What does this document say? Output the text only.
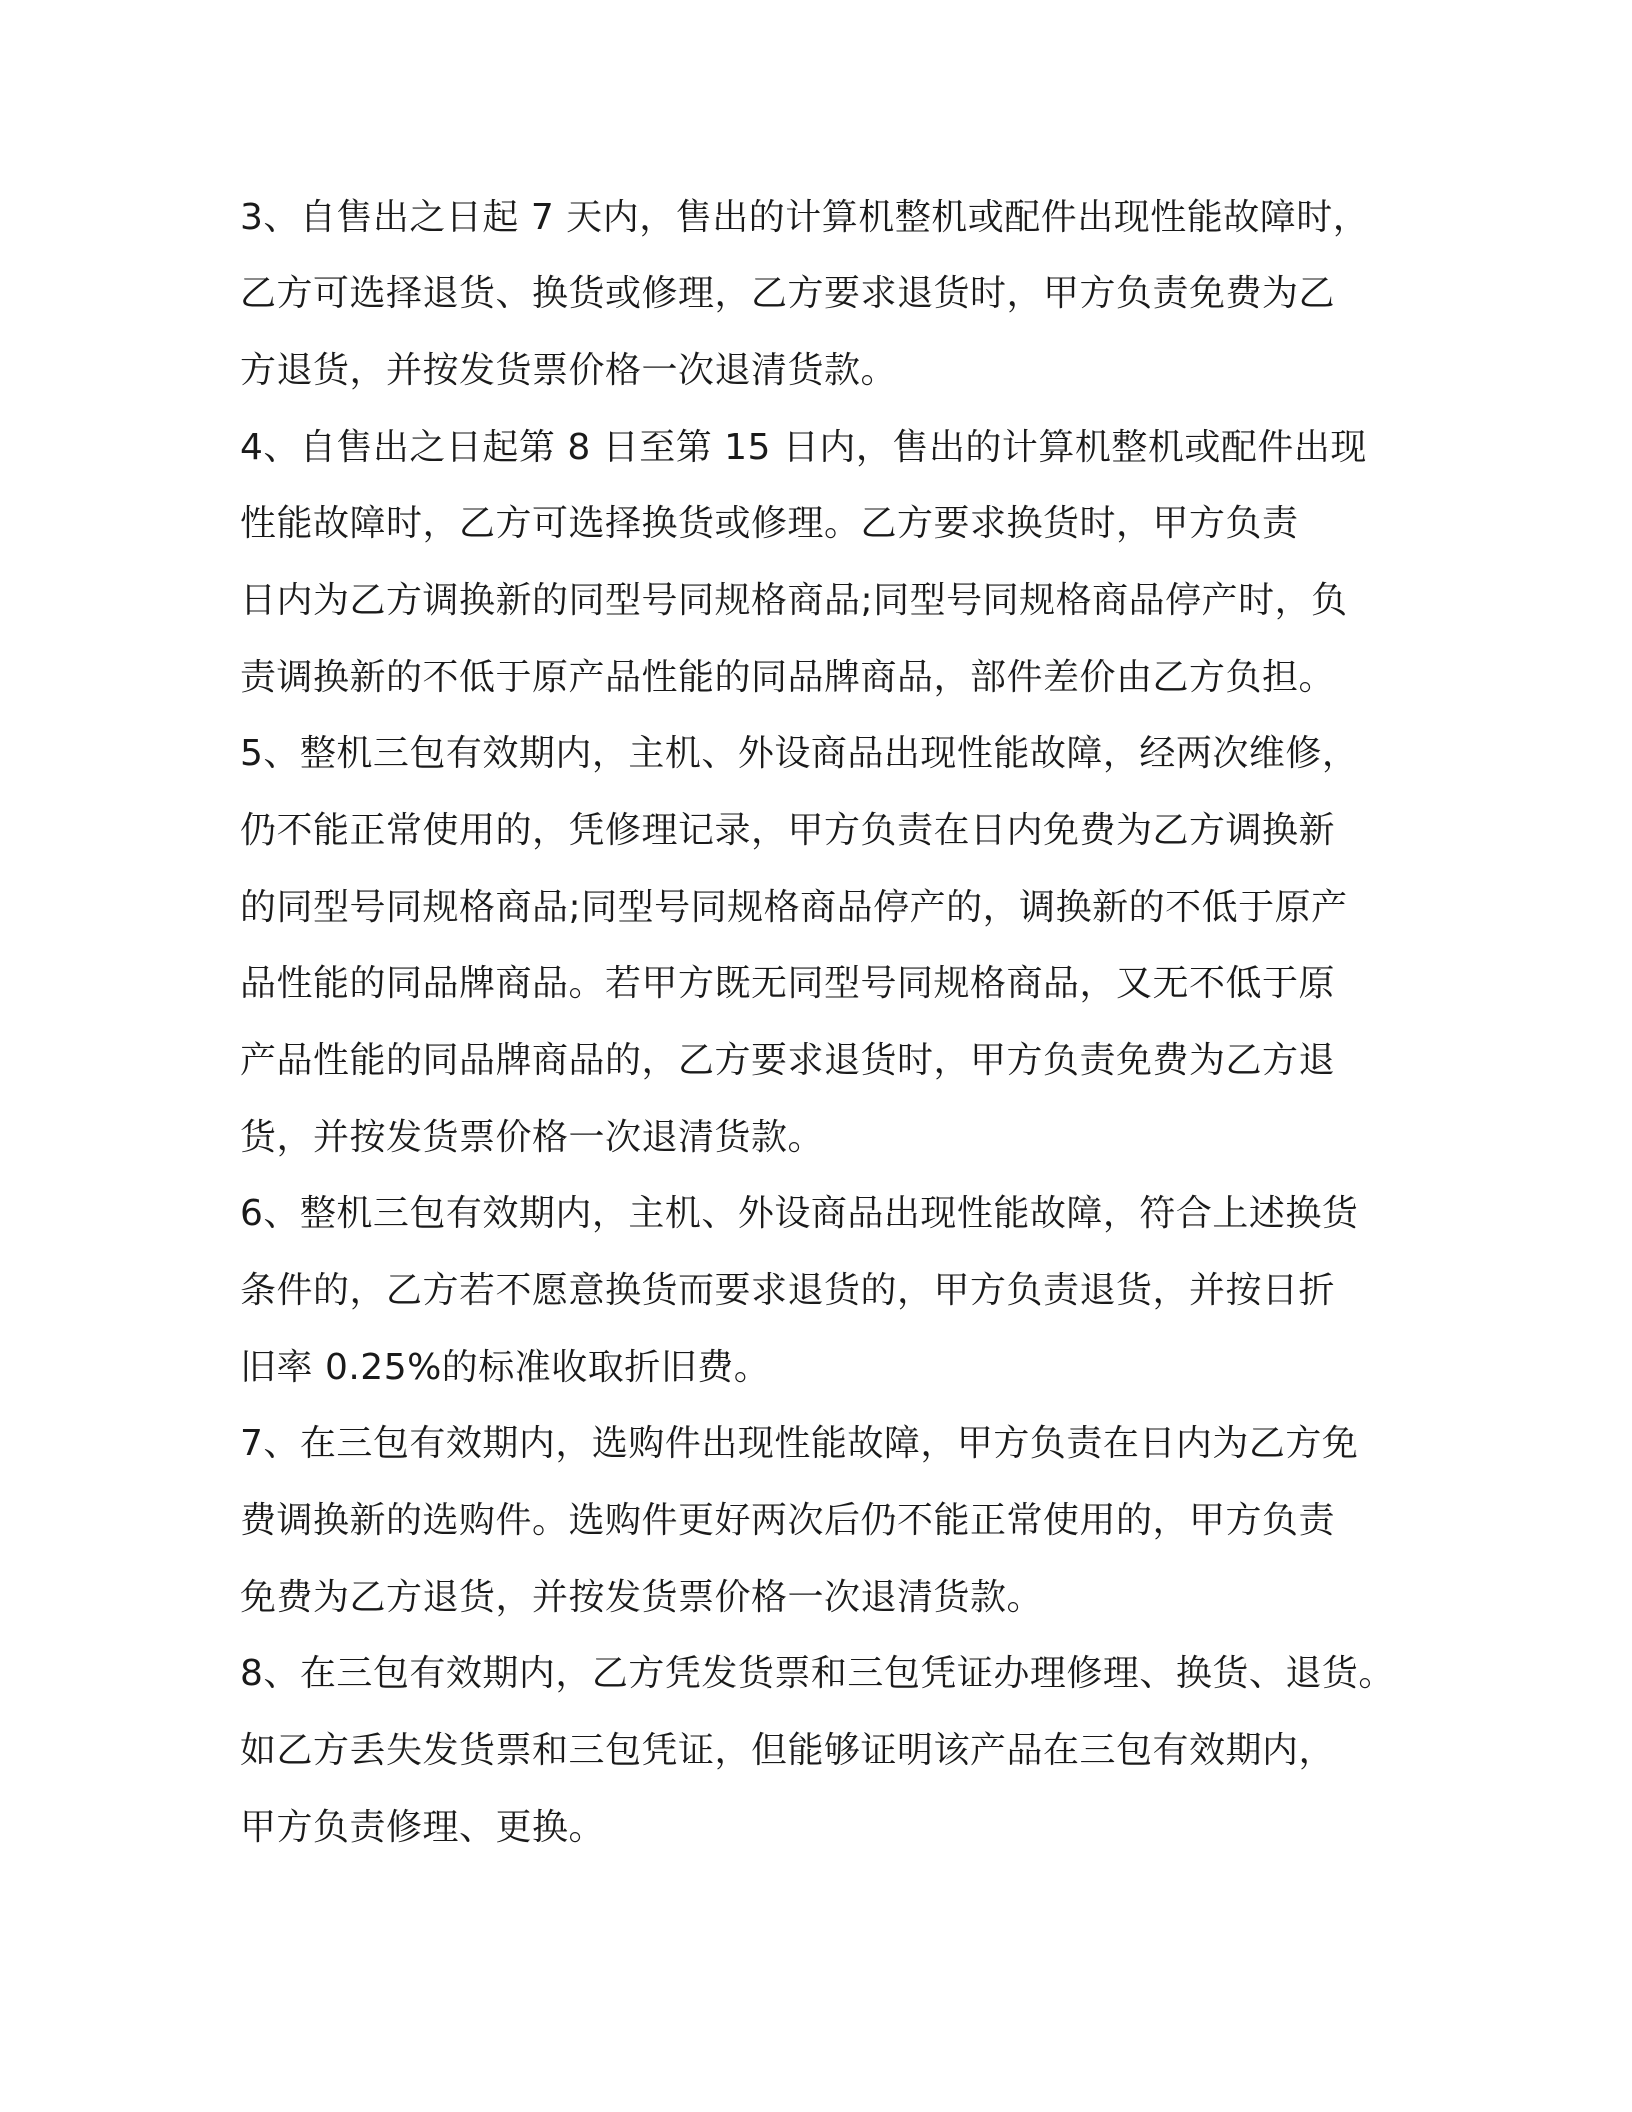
3、自售出之日起 7 天内，售出的计算机整机或配件出现性能故障时，
乙方可选择退货、换货或修理，乙方要求退货时，甲方负责免费为乙
方退货，并按发货票价格一次退清货款。
4、自售出之日起第 8 日至第 15 日内，售出的计算机整机或配件出现
性能故障时，乙方可选择换货或修理。乙方要求换货时，甲方负责
日内为乙方调换新的同型号同规格商品;同型号同规格商品停产时，负
责调换新的不低于原产品性能的同品牌商品，部件差价由乙方负担。
5、整机三包有效期内，主机、外设商品出现性能故障，经两次维修，
仍不能正常使用的，凭修理记录，甲方负责在日内免费为乙方调换新
的同型号同规格商品;同型号同规格商品停产的，调换新的不低于原产
品性能的同品牌商品。若甲方既无同型号同规格商品，又无不低于原
产品性能的同品牌商品的，乙方要求退货时，甲方负责免费为乙方退
货，并按发货票价格一次退清货款。
6、整机三包有效期内，主机、外设商品出现性能故障，符合上述换货
条件的，乙方若不愿意换货而要求退货的，甲方负责退货，并按日折
旧率 0.25%的标准收取折旧费。
7、在三包有效期内，选购件出现性能故障，甲方负责在日内为乙方免
费调换新的选购件。选购件更好两次后仍不能正常使用的，甲方负责
免费为乙方退货，并按发货票价格一次退清货款。
8、在三包有效期内，乙方凭发货票和三包凭证办理修理、换货、退货。
如乙方丢失发货票和三包凭证，但能够证明该产品在三包有效期内，
甲方负责修理、更换。
